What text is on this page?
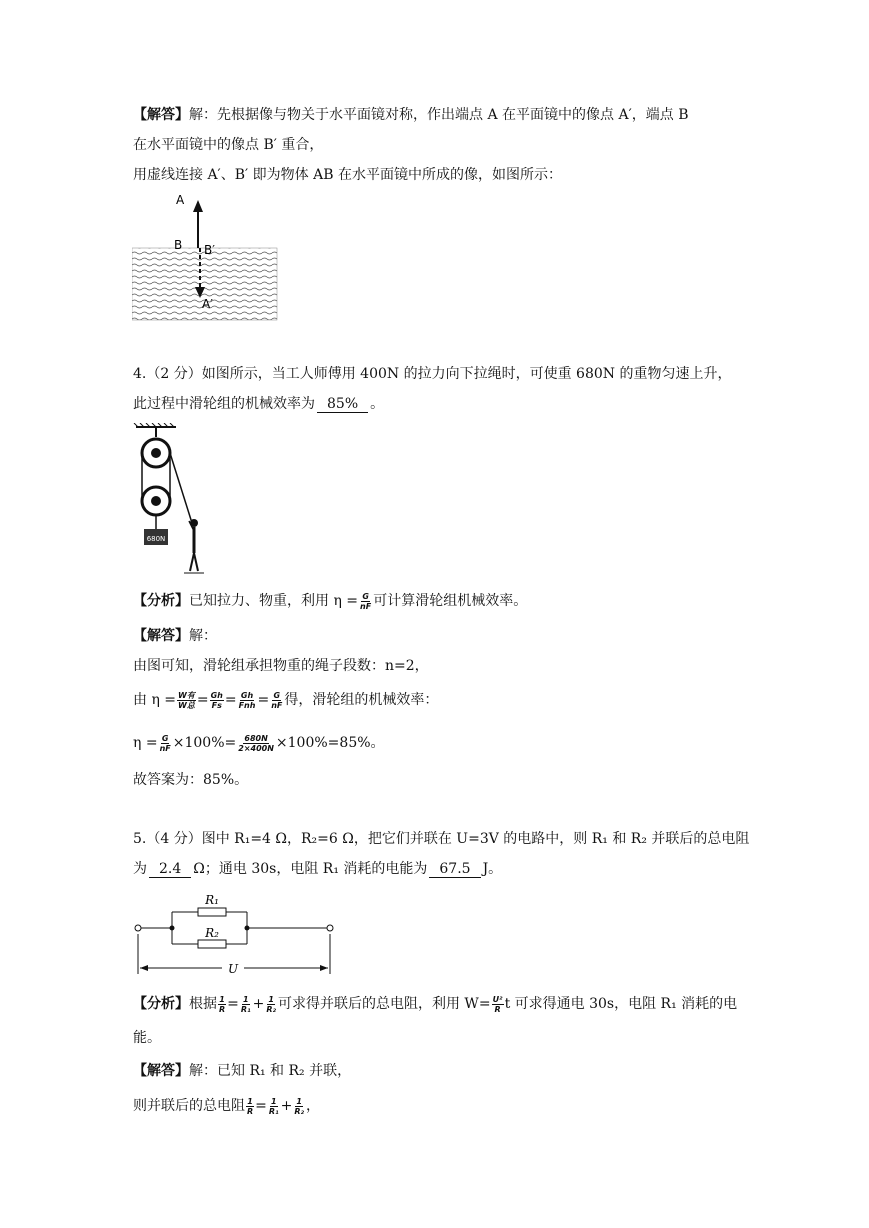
【解答】解：先根据像与物关于水平面镜对称，作出端点 A 在平面镜中的像点 A′，端点 B
在水平面镜中的像点 B′ 重合，
用虚线连接 A′、B′ 即为物体 AB 在水平面镜中所成的像，如图所示：
A
B B′
A′
4.（2 分）如图所示，当工人师傅用 400N 的拉力向下拉绳时，可使重 680N 的重物匀速上升，
此过程中滑轮组的机械效率为 85% 。
680N
【分析】已知拉力、物重，利用 $\eta = \frac{G}{nF}$ 可计算滑轮组机械效率。
【解答】解：
由图可知，滑轮组承担物重的绳子段数：n=2，
由 $\eta = \frac{\text{W有}}{\text{W总}} = \frac{Gh}{Fs} = \frac{Gh}{\text{Fnh}} = \frac{G}{nF}$ 得，滑轮组的机械效率：
$\eta = \frac{G}{nF} \times 100\%= \frac{680N}{2\times 400N} \times 100\%=85\%$。
故答案为：85%。
5.（4 分）图中 R₁=4 Ω，R₂=6 Ω，把它们并联在 U=3V 的电路中，则 R₁ 和 R₂ 并联后的总电阻
为 2.4 Ω；通电 30s，电阻 R₁ 消耗的电能为 67.5 J。
R₁
R₂
U
【分析】根据 $\frac{1}{R} = \frac{1}{\text{R₁}} + \frac{1}{\text{R₂}}$ 可求得并联后的总电阻，利用 $W= \frac{\text{U²}}{R}$ t 可求得通电 30s，电阻 R₁ 消耗的电
能。
【解答】解：已知 R₁ 和 R₂ 并联，
则并联后的总电阻 $\frac{1}{R} = \frac{1}{\text{R₁}} + \frac{1}{\text{R₂}}$ ，
